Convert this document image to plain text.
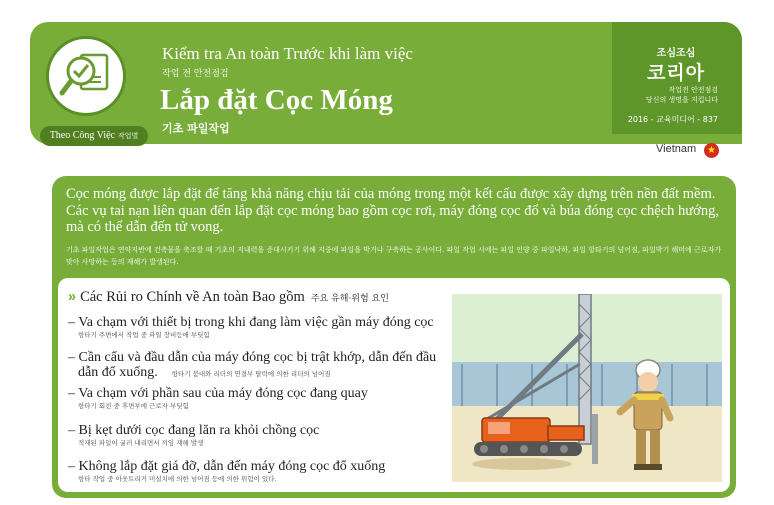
Theo Công Việc 작업별
Kiểm tra An toàn Trước khi làm việc
작업 전 안전점검
Lắp đặt Cọc Móng
기초 파일작업
조심조심
코리아
작업전 안전점검
당신의 생명을 지킵니다
2016 - 교육미디어 - 837
Vietnam	★
Cọc móng được lắp đặt để tăng khả năng chịu tải của móng trong một kết cấu được xây dựng trên nền đất mềm. Các vụ tai nạn liên quan đến lắp đặt cọc móng bao gồm cọc rơi, máy đóng cọc đổ và búa đóng cọc chệch hướng, mà có thể dẫn đến tử vong.
기초 파일작업은 연약지반에 건축물을 축조할 때 기초의 지내력을 증대시키기 위해 지중에 파일을 박거나 구축하는 공사이다. 파일 작업 시에는 파일 인양 중 파일낙하, 파일 항타기의 넘어짐, 파일박기 해머에 근로자가 맞아 사망하는 등의 재해가 발생된다.
» Các Rủi ro Chính về An toàn Bao gồm 주요 유해·위험 요인
– Va chạm với thiết bị trong khi đang làm việc gần máy đóng cọc
항타기 주변에서 작업 중 파일 장비등에 부딪힘
– Cần cẩu và đầu dẫn của máy đóng cọc bị trật khớp, dẫn đến đầu
dẫn đổ xuống. 항타기 붐대와 리더의 연결부 탈락에 의한 리더의 넘어짐
– Va chạm với phần sau của máy đóng cọc đang quay
항타기 회전 중 후면부에 근로자 부딪힘
– Bị kẹt dưới cọc đang lăn ra khỏi chồng cọc
적재된 파일이 굴러 내리면서 끼임 재해 발생
– Không lắp đặt giá đỡ, dẫn đến máy đóng cọc đổ xuống
항타 작업 중 아웃트리거 미설치에 의한 넘어짐 등에 의한 위험이 있다.
